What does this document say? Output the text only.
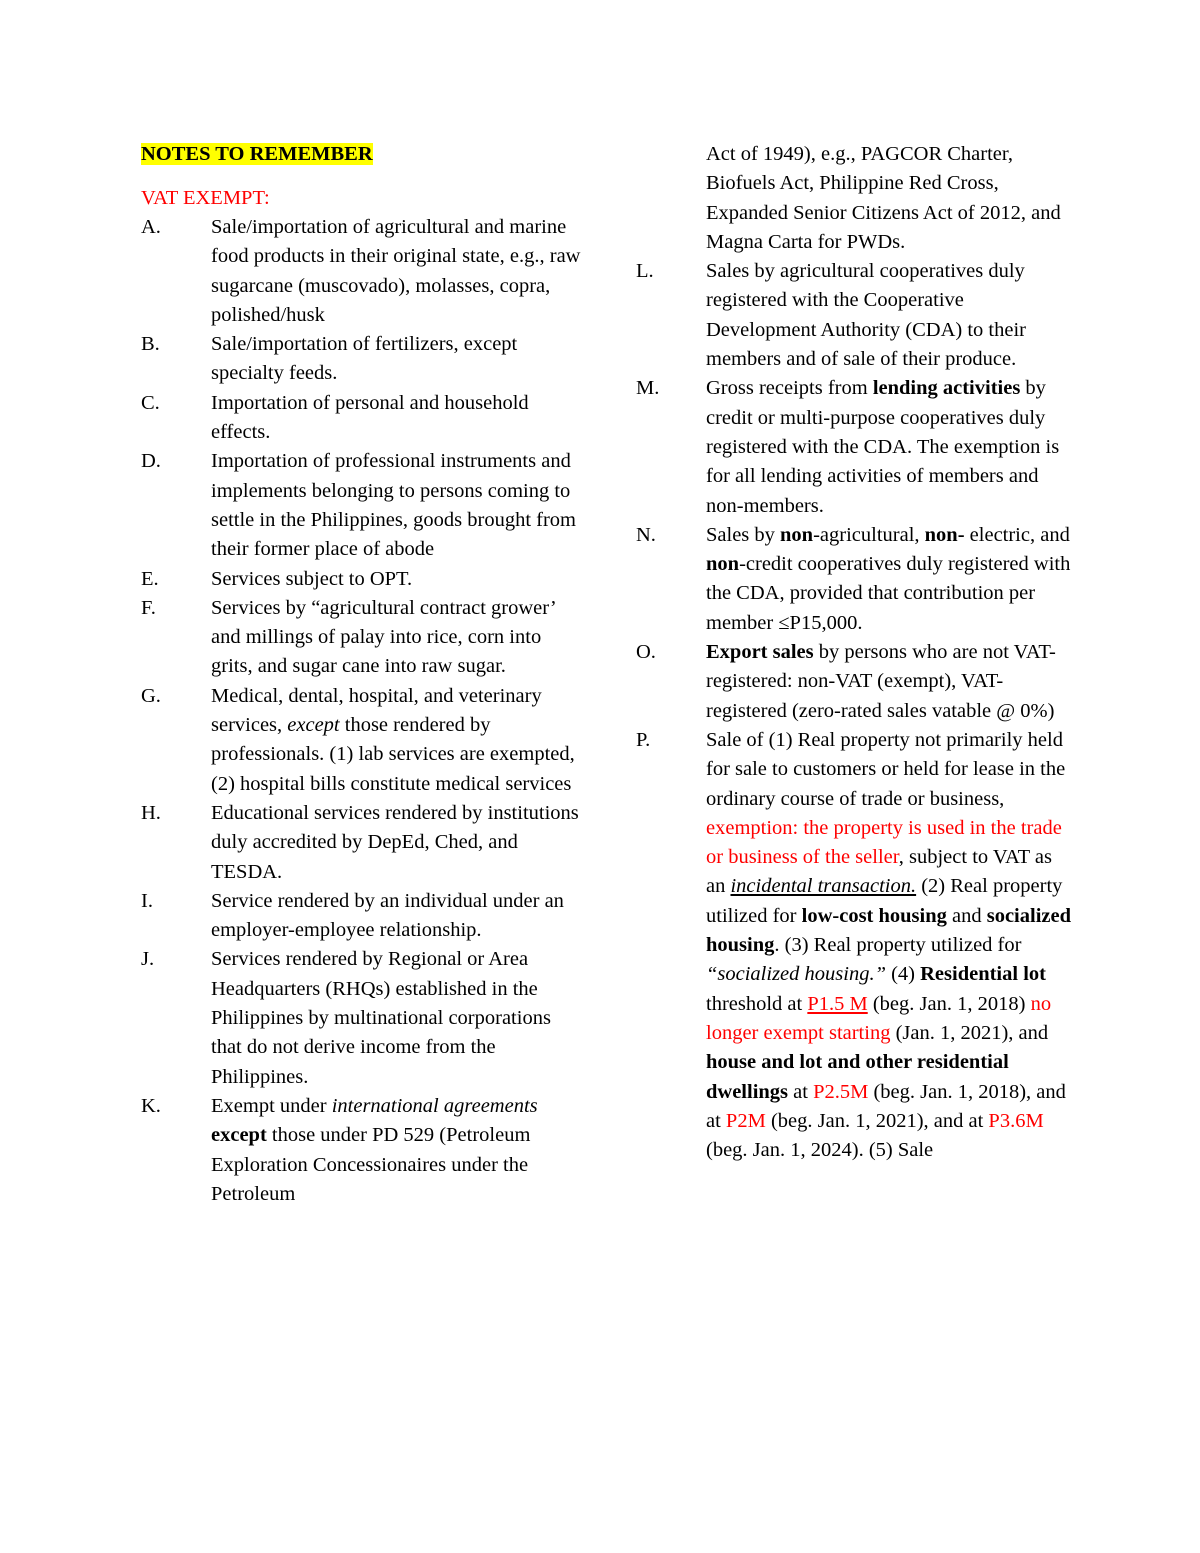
NOTES TO REMEMBER
VAT EXEMPT:
A.	Sale/importation of agricultural and marine food products in their original state, e.g., raw sugarcane (muscovado), molasses, copra, polished/husk
B.	Sale/importation of fertilizers, except specialty feeds.
C.	Importation of personal and household effects.
D.	Importation of professional instruments and implements belonging to persons coming to settle in the Philippines, goods brought from their former place of abode
E.	Services subject to OPT.
F.	Services by “agricultural contract grower’ and millings of palay into rice, corn into grits, and sugar cane into raw sugar.
G.	Medical, dental, hospital, and veterinary services, except those rendered by professionals. (1) lab services are exempted, (2) hospital bills constitute medical services
H.	Educational services rendered by institutions duly accredited by DepEd, Ched, and TESDA.
I.	Service rendered by an individual under an employer-employee relationship.
J.	Services rendered by Regional or Area Headquarters (RHQs) established in the Philippines by multinational corporations that do not derive income from the Philippines.
K.	Exempt under international agreements except those under PD 529 (Petroleum Exploration Concessionaires under the Petroleum
Act of 1949), e.g., PAGCOR Charter, Biofuels Act, Philippine Red Cross, Expanded Senior Citizens Act of 2012, and Magna Carta for PWDs.
L.	Sales by agricultural cooperatives duly registered with the Cooperative Development Authority (CDA) to their members and of sale of their produce.
M.	Gross receipts from lending activities by credit or multi-purpose cooperatives duly registered with the CDA. The exemption is for all lending activities of members and non-members.
N.	Sales by non-agricultural, non- electric, and non-credit cooperatives duly registered with the CDA, provided that contribution per member ≤P15,000.
O.	Export sales by persons who are not VAT-registered: non-VAT (exempt), VAT-registered (zero-rated sales vatable @ 0%)
P.	Sale of (1) Real property not primarily held for sale to customers or held for lease in the ordinary course of trade or business, exemption: the property is used in the trade or business of the seller, subject to VAT as an incidental transaction. (2) Real property utilized for low-cost housing and socialized housing. (3) Real property utilized for “socialized housing.” (4) Residential lot threshold at P1.5 M (beg. Jan. 1, 2018) no longer exempt starting (Jan. 1, 2021), and house and lot and other residential dwellings at P2.5M (beg. Jan. 1, 2018), and at P2M (beg. Jan. 1, 2021), and at P3.6M (beg. Jan. 1, 2024). (5) Sale
